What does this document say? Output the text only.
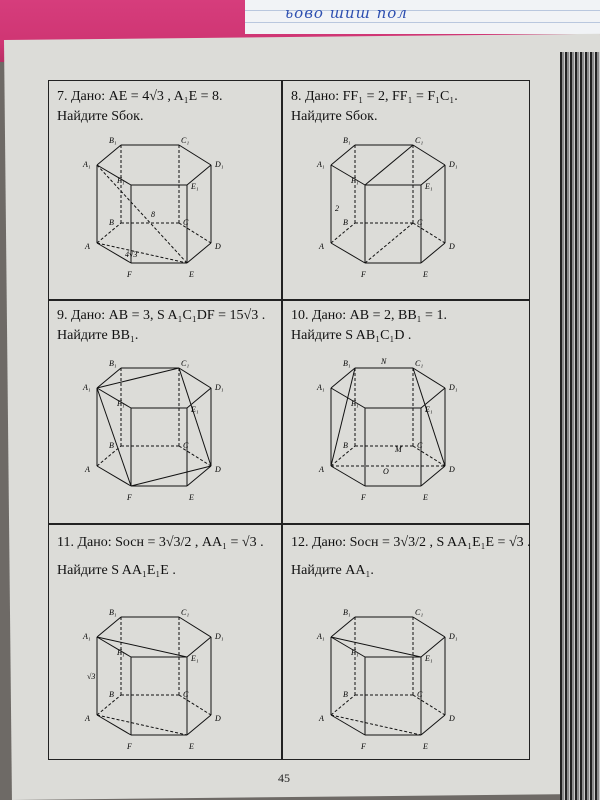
ьово шиш пол
7. Дано: AE = 4√3 , A₁E = 8.
Найдите Sбок.
B₁	C₁
A₁
F₁
E₁
D₁
B	C
A
F	E
D
8
4√3
8. Дано: FF₁ = 2, FF₁ = F₁C₁.
Найдите Sбок.
B₁	C₁
A₁
F₁
E₁
D₁
B	C
A
F	E
D
2
9. Дано: AB = 3, S A₁C₁DF = 15√3 .
Найдите BB₁.
B₁	C₁
A₁
F₁
E₁
D₁
B	C
A
F	E
D
10. Дано: AB = 2, BB₁ = 1.
Найдите S AB₁C₁D .
B₁	C₁
A₁
F₁
E₁
D₁
B	C
A
F	E
D
N
M
O
11. Дано: Sосн = 3√3/2 , AA₁ = √3 .
Найдите S AA₁E₁E .
B₁	C₁
A₁
F₁
E₁
D₁
B	C
A
F	E
D
√3
12. Дано: Sосн = 3√3/2 , S AA₁E₁E = √3 .
Найдите AA₁.
B₁	C₁
A₁
F₁
E₁
D₁
B	C
A
F	E
D
45
